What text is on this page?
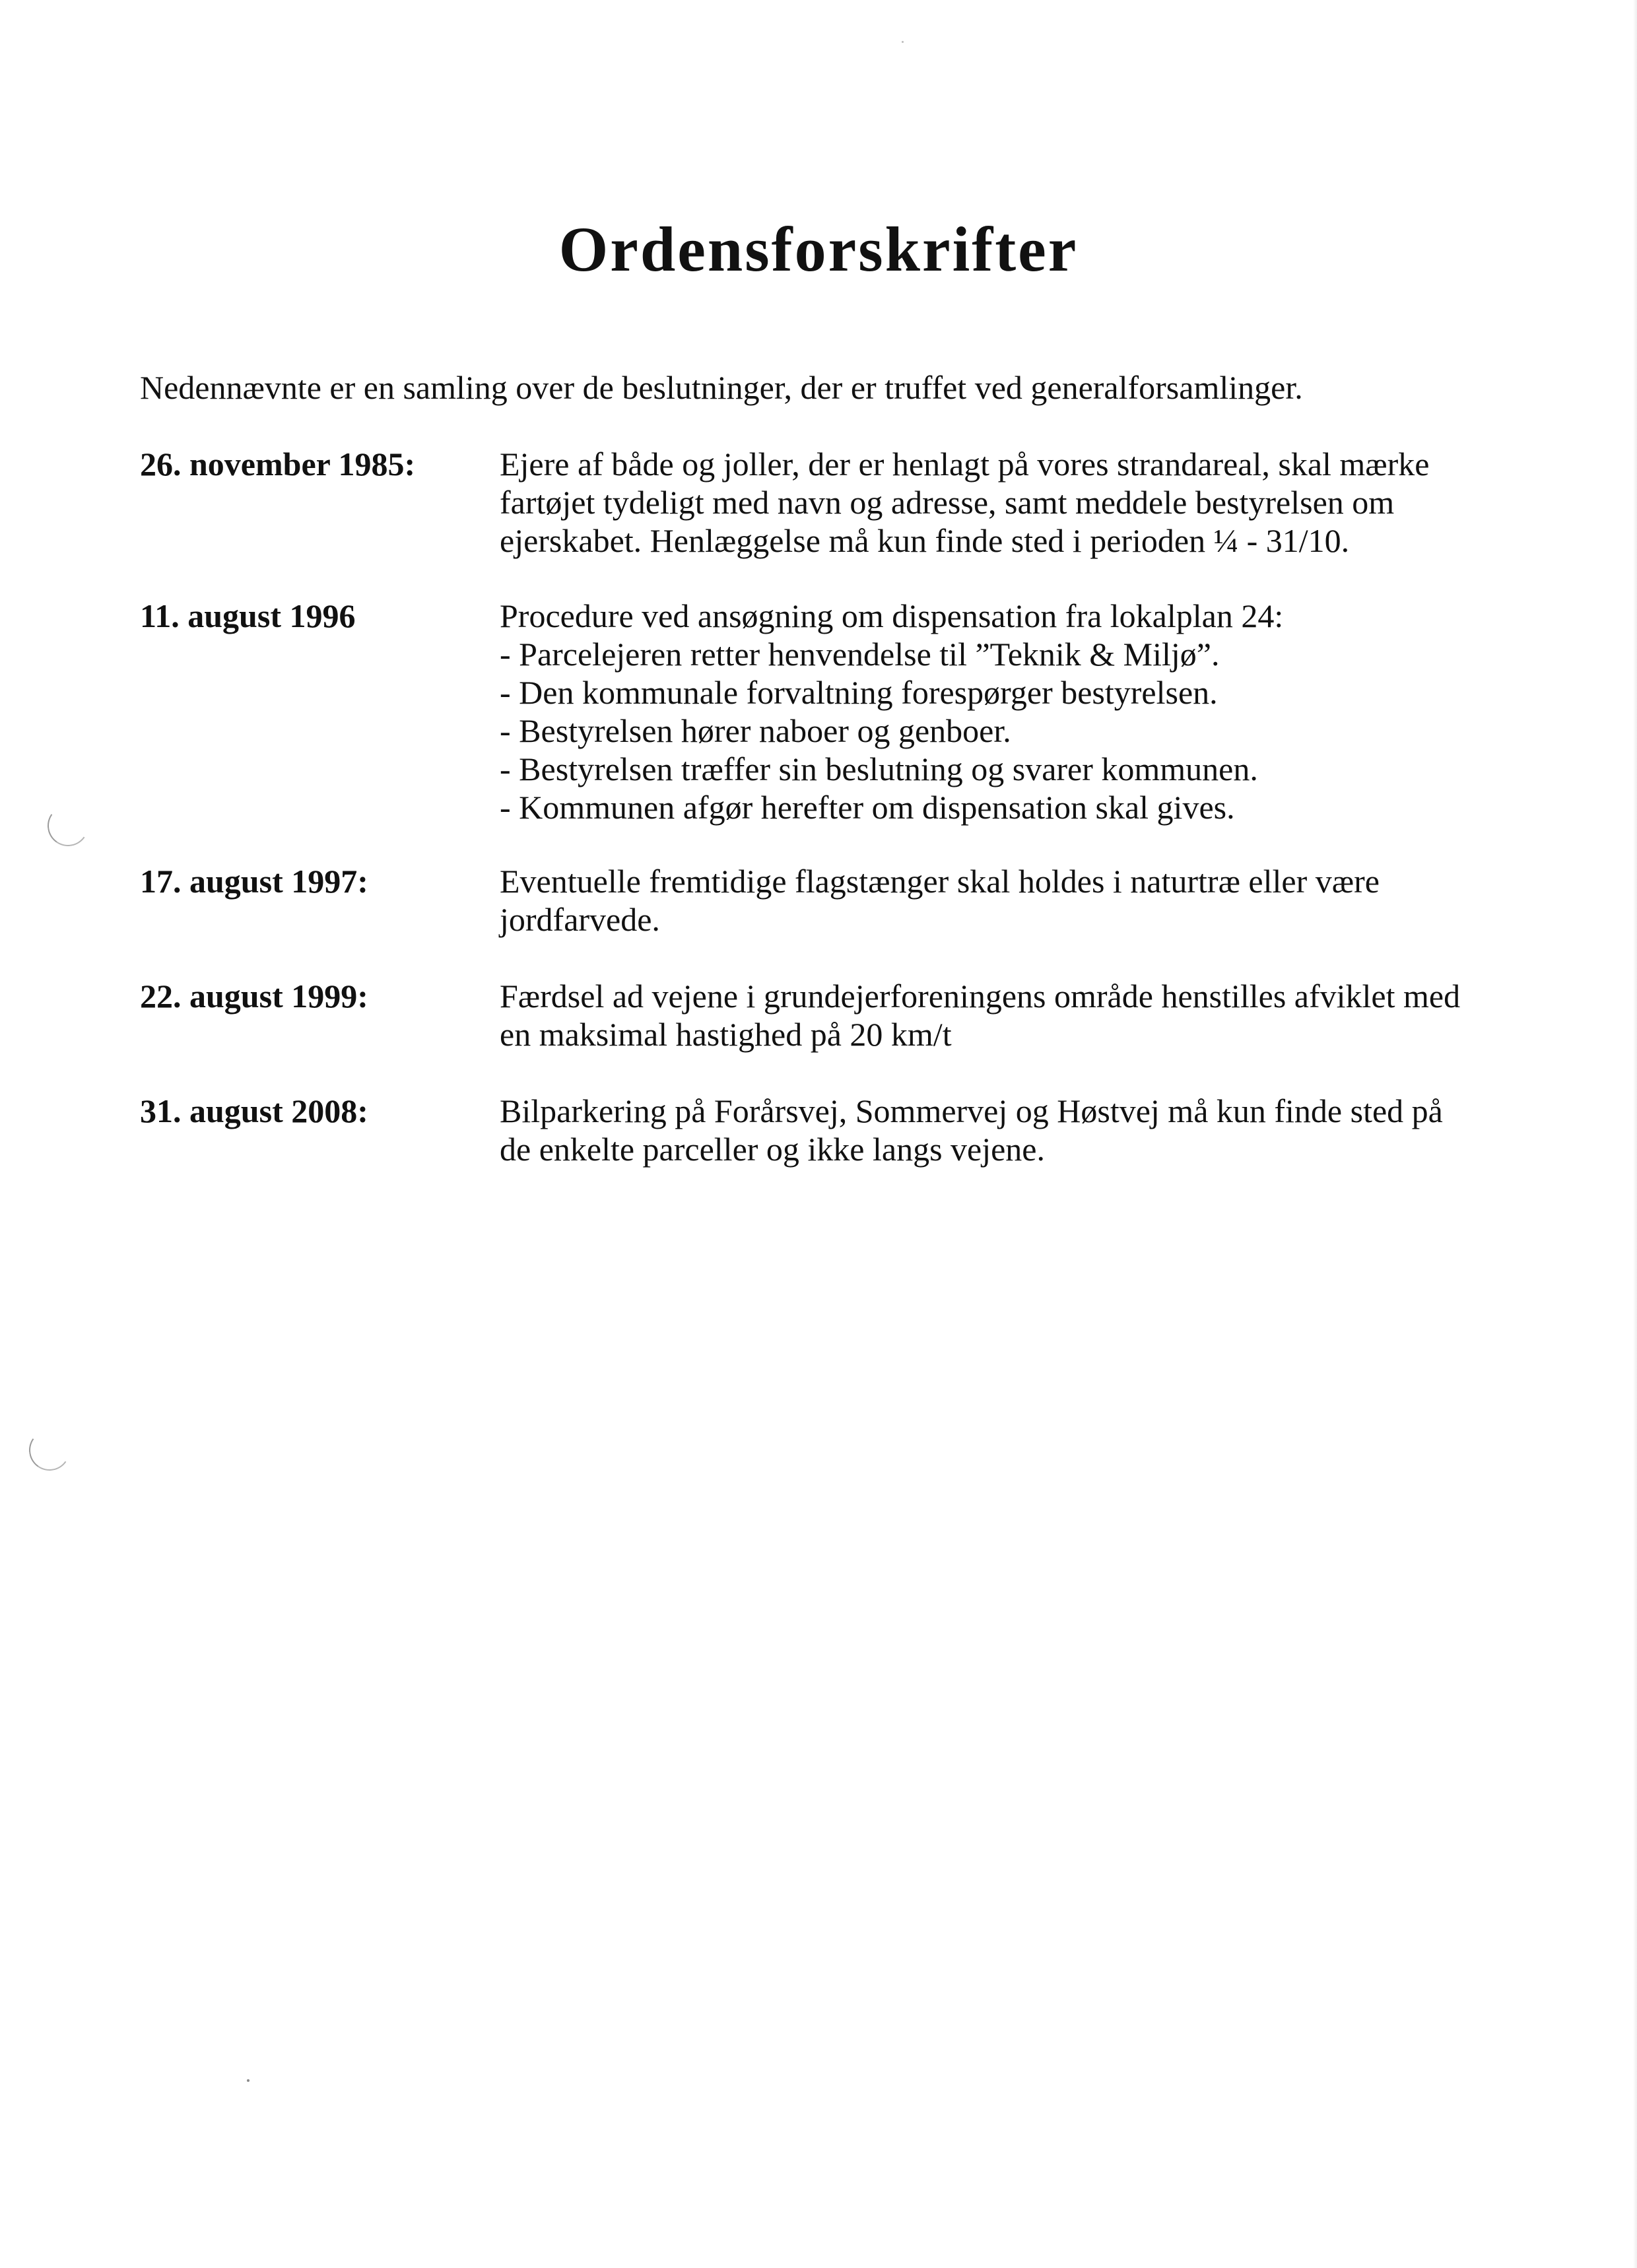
Ordensforskrifter

Nedennævnte er en samling over de beslutninger, der er truffet ved generalforsamlinger.

26. november 1985:	Ejere af både og joller, der er henlagt på vores strandareal, skal mærke
fartøjet tydeligt med navn og adresse, samt meddele bestyrelsen om
ejerskabet. Henlæggelse må kun finde sted i perioden ¼ - 31/10.
11. august 1996	Procedure ved ansøgning om dispensation fra lokalplan 24:
- Parcelejeren retter henvendelse til ”Teknik & Miljø”.
- Den kommunale forvaltning forespørger bestyrelsen.
- Bestyrelsen hører naboer og genboer.
- Bestyrelsen træffer sin beslutning og svarer kommunen.
- Kommunen afgør herefter om dispensation skal gives.
17. august 1997:	Eventuelle fremtidige flagstænger skal holdes i naturtræ eller være
jordfarvede.
22. august 1999:	Færdsel ad vejene i grundejerforeningens område henstilles afviklet med
en maksimal hastighed på 20 km/t
31. august 2008:	Bilparkering på Forårsvej, Sommervej og Høstvej må kun finde sted på
de enkelte parceller og ikke langs vejene.
